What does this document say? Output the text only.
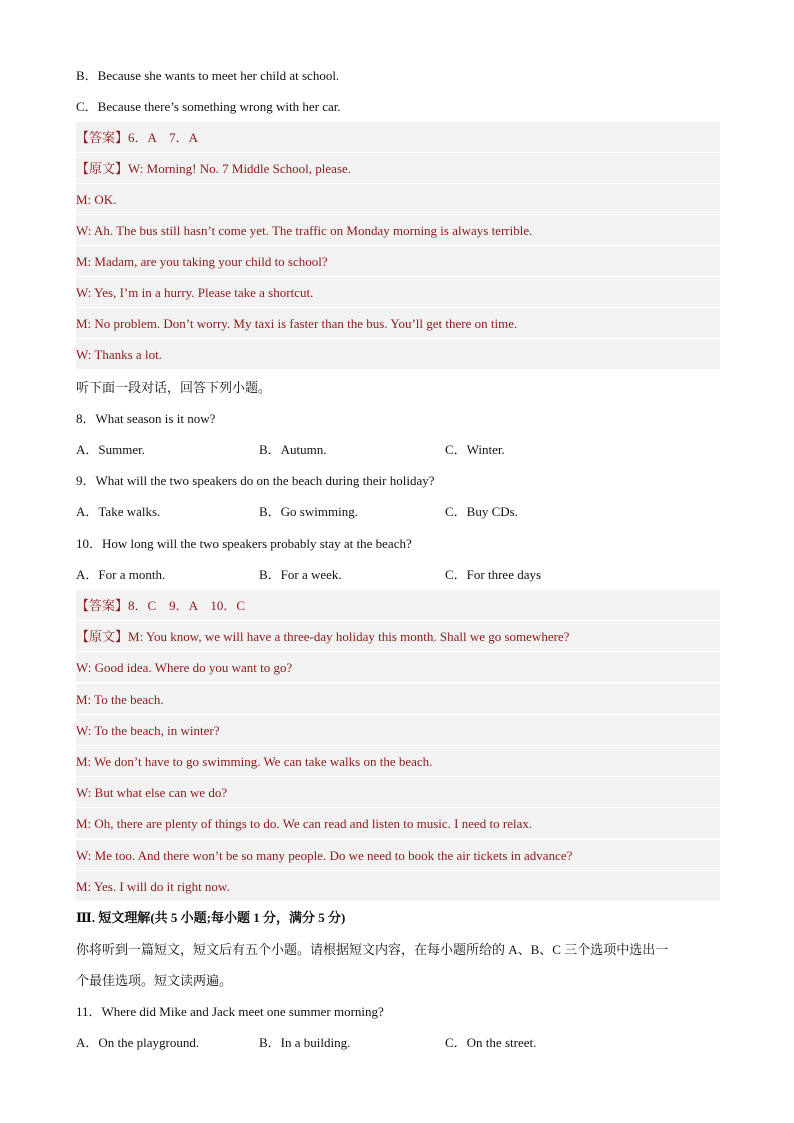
B．Because she wants to meet her child at school.
C．Because there’s something wrong with her car.
【答案】6．A　7．A
【原文】W: Morning! No. 7 Middle School, please.
M: OK.
W: Ah. The bus still hasn’t come yet. The traffic on Monday morning is always terrible.
M: Madam, are you taking your child to school?
W: Yes, I’m in a hurry. Please take a shortcut.
M: No problem. Don’t worry. My taxi is faster than the bus. You’ll get there on time.
W: Thanks a lot.
听下面一段对话，回答下列小题。
8．What season is it now?
A．Summer.	B．Autumn.	C．Winter.
9．What will the two speakers do on the beach during their holiday?
A．Take walks.	B．Go swimming.	C．Buy CDs.
10．How long will the two speakers probably stay at the beach?
A．For a month.	B．For a week.	C．For three days
【答案】8．C　9．A　10．C
【原文】M: You know, we will have a three-day holiday this month. Shall we go somewhere?
W: Good idea. Where do you want to go?
M: To the beach.
W: To the beach, in winter?
M: We don’t have to go swimming. We can take walks on the beach.
W: But what else can we do?
M: Oh, there are plenty of things to do. We can read and listen to music. I need to relax.
W: Me too. And there won’t be so many people. Do we need to book the air tickets in advance?
M: Yes. I will do it right now.
Ⅲ. 短文理解(共 5 小题;每小题 1 分，满分 5 分)
你将听到一篇短文，短文后有五个小题。请根据短文内容，在每小题所给的 A、B、C 三个选项中选出一
个最佳选项。短文读两遍。
11．Where did Mike and Jack meet one summer morning?
A．On the playground.	B．In a building.	C．On the street.
